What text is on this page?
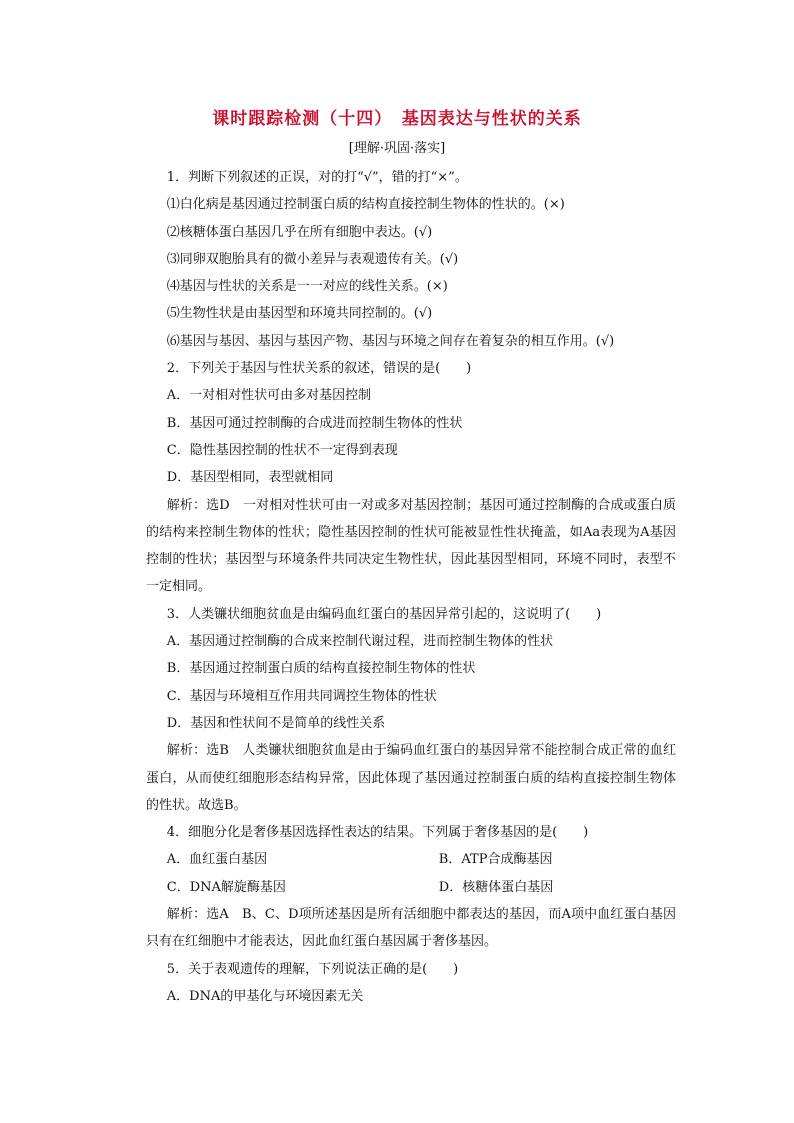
课时跟踪检测（十四）　基因表达与性状的关系
[理解·巩固·落实]
1．判断下列叙述的正误，对的打“√”，错的打“×”。
⑴白化病是基因通过控制蛋白质的结构直接控制生物体的性状的。(×)
⑵核糖体蛋白基因几乎在所有细胞中表达。(√)
⑶同卵双胞胎具有的微小差异与表观遗传有关。(√)
⑷基因与性状的关系是一一对应的线性关系。(×)
⑸生物性状是由基因型和环境共同控制的。(√)
⑹基因与基因、基因与基因产物、基因与环境之间存在着复杂的相互作用。(√)
2．下列关于基因与性状关系的叙述，错误的是(　　)
A．一对相对性状可由多对基因控制
B．基因可通过控制酶的合成进而控制生物体的性状
C．隐性基因控制的性状不一定得到表现
D．基因型相同，表型就相同
解析：选D　一对相对性状可由一对或多对基因控制；基因可通过控制酶的合成或蛋白质的结构来控制生物体的性状；隐性基因控制的性状可能被显性性状掩盖，如Aa表现为A基因控制的性状；基因型与环境条件共同决定生物性状，因此基因型相同，环境不同时，表型不一定相同。
3．人类镰状细胞贫血是由编码血红蛋白的基因异常引起的，这说明了(　　)
A．基因通过控制酶的合成来控制代谢过程，进而控制生物体的性状
B．基因通过控制蛋白质的结构直接控制生物体的性状
C．基因与环境相互作用共同调控生物体的性状
D．基因和性状间不是简单的线性关系
解析：选B　人类镰状细胞贫血是由于编码血红蛋白的基因异常不能控制合成正常的血红蛋白，从而使红细胞形态结构异常，因此体现了基因通过控制蛋白质的结构直接控制生物体的性状。故选B。
4．细胞分化是奢侈基因选择性表达的结果。下列属于奢侈基因的是(　　)
A．血红蛋白基因	B．ATP合成酶基因
C．DNA解旋酶基因	D．核糖体蛋白基因
解析：选A　B、C、D项所述基因是所有活细胞中都表达的基因，而A项中血红蛋白基因只有在红细胞中才能表达，因此血红蛋白基因属于奢侈基因。
5．关于表观遗传的理解，下列说法正确的是(　　)
A．DNA的甲基化与环境因素无关
